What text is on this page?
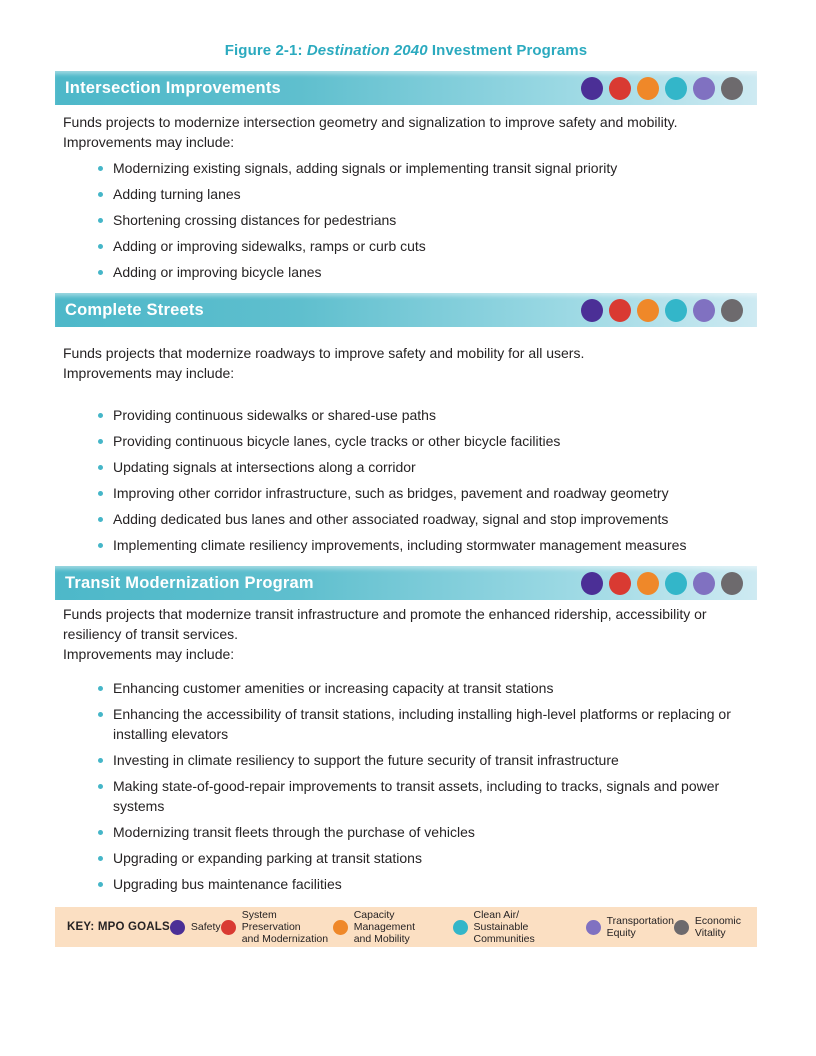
Figure 2-1: Destination 2040 Investment Programs
Intersection Improvements
Funds projects to modernize intersection geometry and signalization to improve safety and mobility.
Improvements may include:
Modernizing existing signals, adding signals or implementing transit signal priority
Adding turning lanes
Shortening crossing distances for pedestrians
Adding or improving sidewalks, ramps or curb cuts
Adding or improving bicycle lanes
Complete Streets
Funds projects that modernize roadways to improve safety and mobility for all users.
Improvements may include:
Providing continuous sidewalks or shared-use paths
Providing continuous bicycle lanes, cycle tracks or other bicycle facilities
Updating signals at intersections along a corridor
Improving other corridor infrastructure, such as bridges, pavement and roadway geometry
Adding dedicated bus lanes and other associated roadway, signal and stop improvements
Implementing climate resiliency improvements, including stormwater management measures
Transit Modernization Program
Funds projects that modernize transit infrastructure and promote the enhanced ridership, accessibility or resiliency of transit services.
Improvements may include:
Enhancing customer amenities or increasing capacity at transit stations
Enhancing the accessibility of transit stations, including installing high-level platforms or replacing or installing elevators
Investing in climate resiliency to support the future security of transit infrastructure
Making state-of-good-repair improvements to transit assets, including to tracks, signals and power systems
Modernizing transit fleets through the purchase of vehicles
Upgrading or expanding parking at transit stations
Upgrading bus maintenance facilities
KEY: MPO GOALS Safety
System Preservation
and Modernization
Capacity Management
and Mobility
Clean Air/
Sustainable Communities
Transportation
Equity
Economic
Vitality
